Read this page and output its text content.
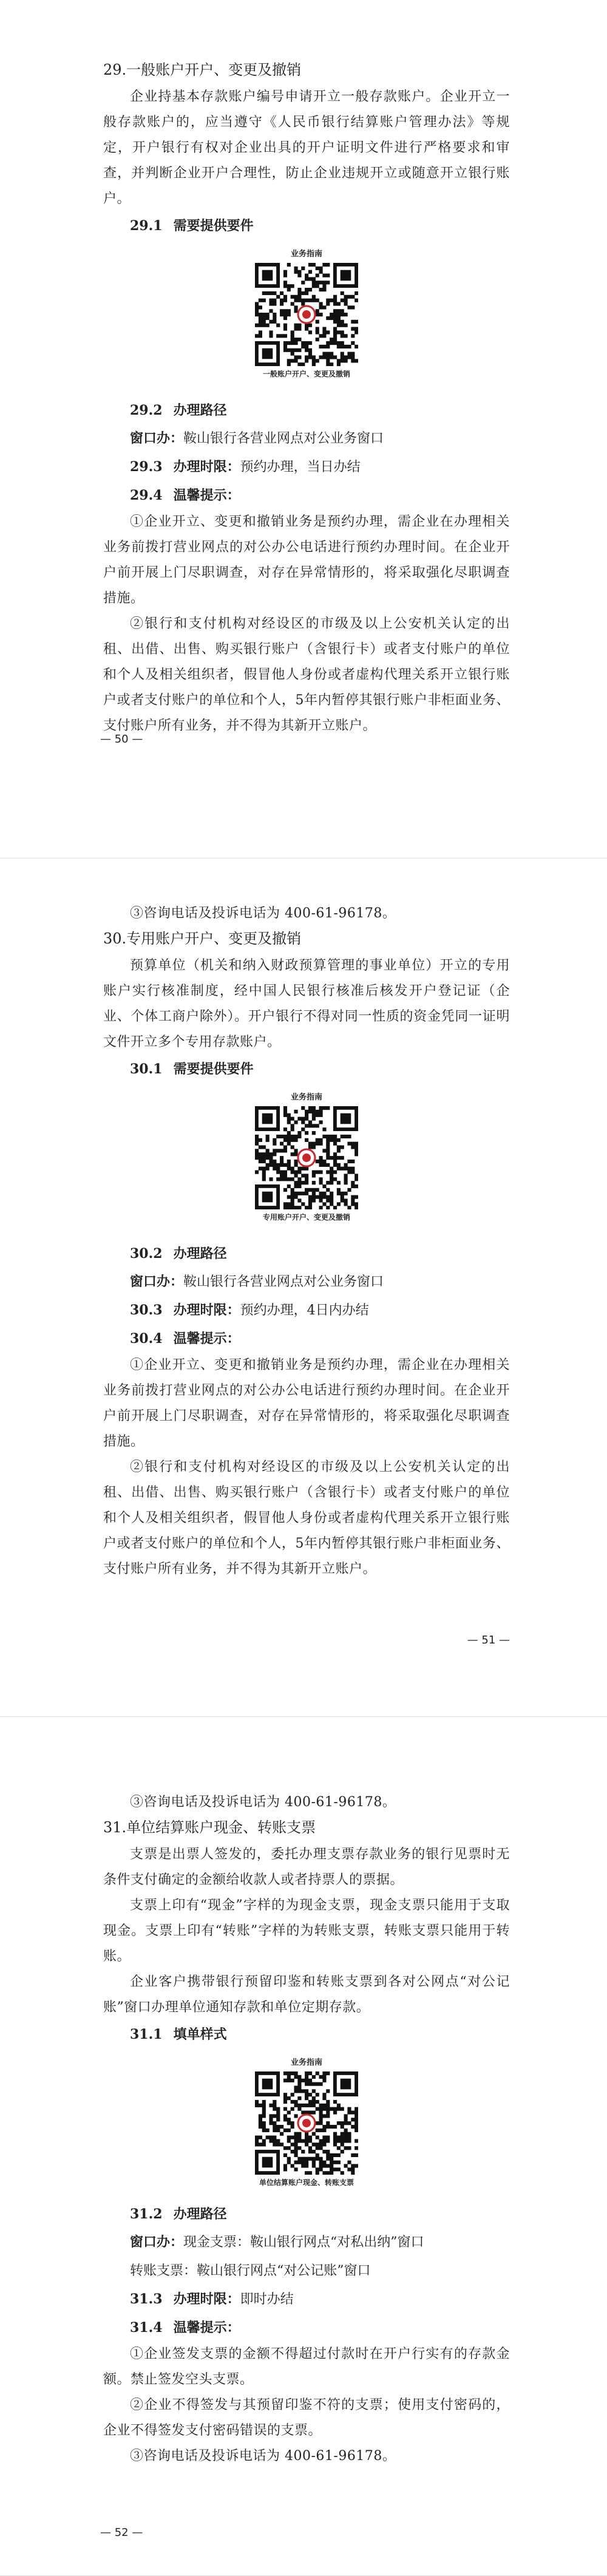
29.一般账户开户、变更及撤销

企业持基本存款账户编号申请开立一般存款账户。企业开立一般存款账户的，应当遵守《人民币银行结算账户管理办法》等规定，开户银行有权对企业出具的开户证明文件进行严格要求和审查，并判断企业开户合理性，防止企业违规开立或随意开立银行账户。

29.1 需要提供要件
业务指南
一般账户开户、变更及撤销
29.2 办理路径
窗口办：鞍山银行各营业网点对公业务窗口
29.3 办理时限：预约办理，当日办结
29.4 温馨提示：

①企业开立、变更和撤销业务是预约办理，需企业在办理相关业务前拨打营业网点的对公办公电话进行预约办理时间。在企业开户前开展上门尽职调查，对存在异常情形的，将采取强化尽职调查措施。

②银行和支付机构对经设区的市级及以上公安机关认定的出租、出借、出售、购买银行账户（含银行卡）或者支付账户的单位和个人及相关组织者，假冒他人身份或者虚构代理关系开立银行账户或者支付账户的单位和个人，5年内暂停其银行账户非柜面业务、支付账户所有业务，并不得为其新开立账户。

— 50 —

③咨询电话及投诉电话为 400-61-96178。

30.专用账户开户、变更及撤销

预算单位（机关和纳入财政预算管理的事业单位）开立的专用账户实行核准制度，经中国人民银行核准后核发开户登记证（企业、个体工商户除外）。开户银行不得对同一性质的资金凭同一证明文件开立多个专用存款账户。

30.1 需要提供要件
业务指南
专用账户开户、变更及撤销
30.2 办理路径
窗口办：鞍山银行各营业网点对公业务窗口
30.3 办理时限：预约办理，4日内办结
30.4 温馨提示：

①企业开立、变更和撤销业务是预约办理，需企业在办理相关业务前拨打营业网点的对公办公电话进行预约办理时间。在企业开户前开展上门尽职调查，对存在异常情形的，将采取强化尽职调查措施。

②银行和支付机构对经设区的市级及以上公安机关认定的出租、出借、出售、购买银行账户（含银行卡）或者支付账户的单位和个人及相关组织者，假冒他人身份或者虚构代理关系开立银行账户或者支付账户的单位和个人，5年内暂停其银行账户非柜面业务、支付账户所有业务，并不得为其新开立账户。

— 51 —

③咨询电话及投诉电话为 400-61-96178。

31.单位结算账户现金、转账支票

支票是出票人签发的，委托办理支票存款业务的银行见票时无条件支付确定的金额给收款人或者持票人的票据。

支票上印有“现金”字样的为现金支票，现金支票只能用于支取现金。支票上印有“转账”字样的为转账支票，转账支票只能用于转账。

企业客户携带银行预留印鉴和转账支票到各对公网点“对公记账”窗口办理单位通知存款和单位定期存款。

31.1 填单样式
业务指南
单位结算账户现金、转账支票
31.2 办理路径
窗口办：现金支票：鞍山银行网点“对私出纳”窗口
转账支票：鞍山银行网点“对公记账”窗口
31.3 办理时限：即时办结
31.4 温馨提示：

①企业签发支票的金额不得超过付款时在开户行实有的存款金额。禁止签发空头支票。

②企业不得签发与其预留印鉴不符的支票；使用支付密码的，企业不得签发支付密码错误的支票。

③咨询电话及投诉电话为 400-61-96178。

— 52 —
